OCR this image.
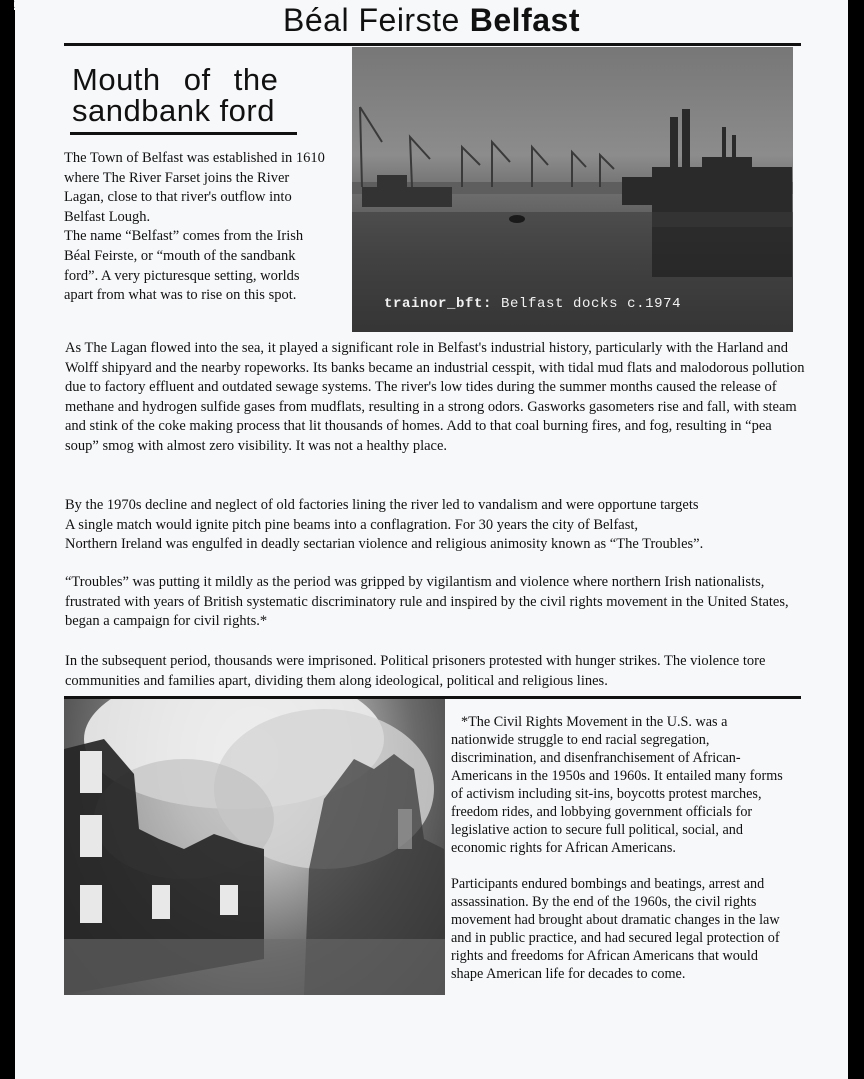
Béal Feirste Belfast
Mouth of the
sandbank ford

The Town of Belfast was established in 1610 where The River Farset joins the River Lagan, close to that river's outflow into Belfast Lough.

The name “Belfast” comes from the Irish Béal Feirste, or “mouth of the sandbank ford”. A very picturesque setting, worlds apart from what was to rise on this spot.

trainor_bft: Belfast docks c.1974

As The Lagan flowed into the sea, it played a significant role in Belfast's industrial history, particularly with the Harland and Wolff shipyard and the nearby ropeworks. Its banks became an industrial cesspit, with tidal mud flats and malodorous pollution due to factory effluent and outdated sewage systems. The river's low tides during the summer months caused the release of methane and hydrogen sulfide gases from mudflats, resulting in a strong odors. Gasworks gasometers rise and fall, with steam and stink of the coke making process that lit thousands of homes. Add to that coal burning fires, and fog, resulting in “pea soup” smog with almost zero visibility. It was not a healthy place.

By the 1970s decline and neglect of old factories lining the river led to vandalism and were opportune targets

A single match would ignite pitch pine beams into a conflagration. For 30 years the city of Belfast,

Northern Ireland was engulfed in deadly sectarian violence and religious animosity known as “The Troubles”.

“Troubles” was putting it mildly as the period was gripped by vigilantism and violence where northern Irish nationalists, frustrated with years of British systematic discriminatory rule and inspired by the civil rights movement in the United States, began a campaign for civil rights.*

In the subsequent period, thousands were imprisoned. Political prisoners protested with hunger strikes. The violence tore communities and families apart, dividing them along ideological, political and religious lines.

*The Civil Rights Movement in the U.S. was a nationwide struggle to end racial segregation, discrimination, and disenfranchisement of African-Americans in the 1950s and 1960s. It entailed many forms of activism including sit-ins, boycotts protest marches, freedom rides, and lobbying government officials for legislative action to secure full political, social, and economic rights for African Americans.

Participants endured bombings and beatings, arrest and assassination. By the end of the 1960s, the civil rights movement had brought about dramatic changes in the law and in public practice, and had secured legal protection of rights and freedoms for African Americans that would shape American life for decades to come.
